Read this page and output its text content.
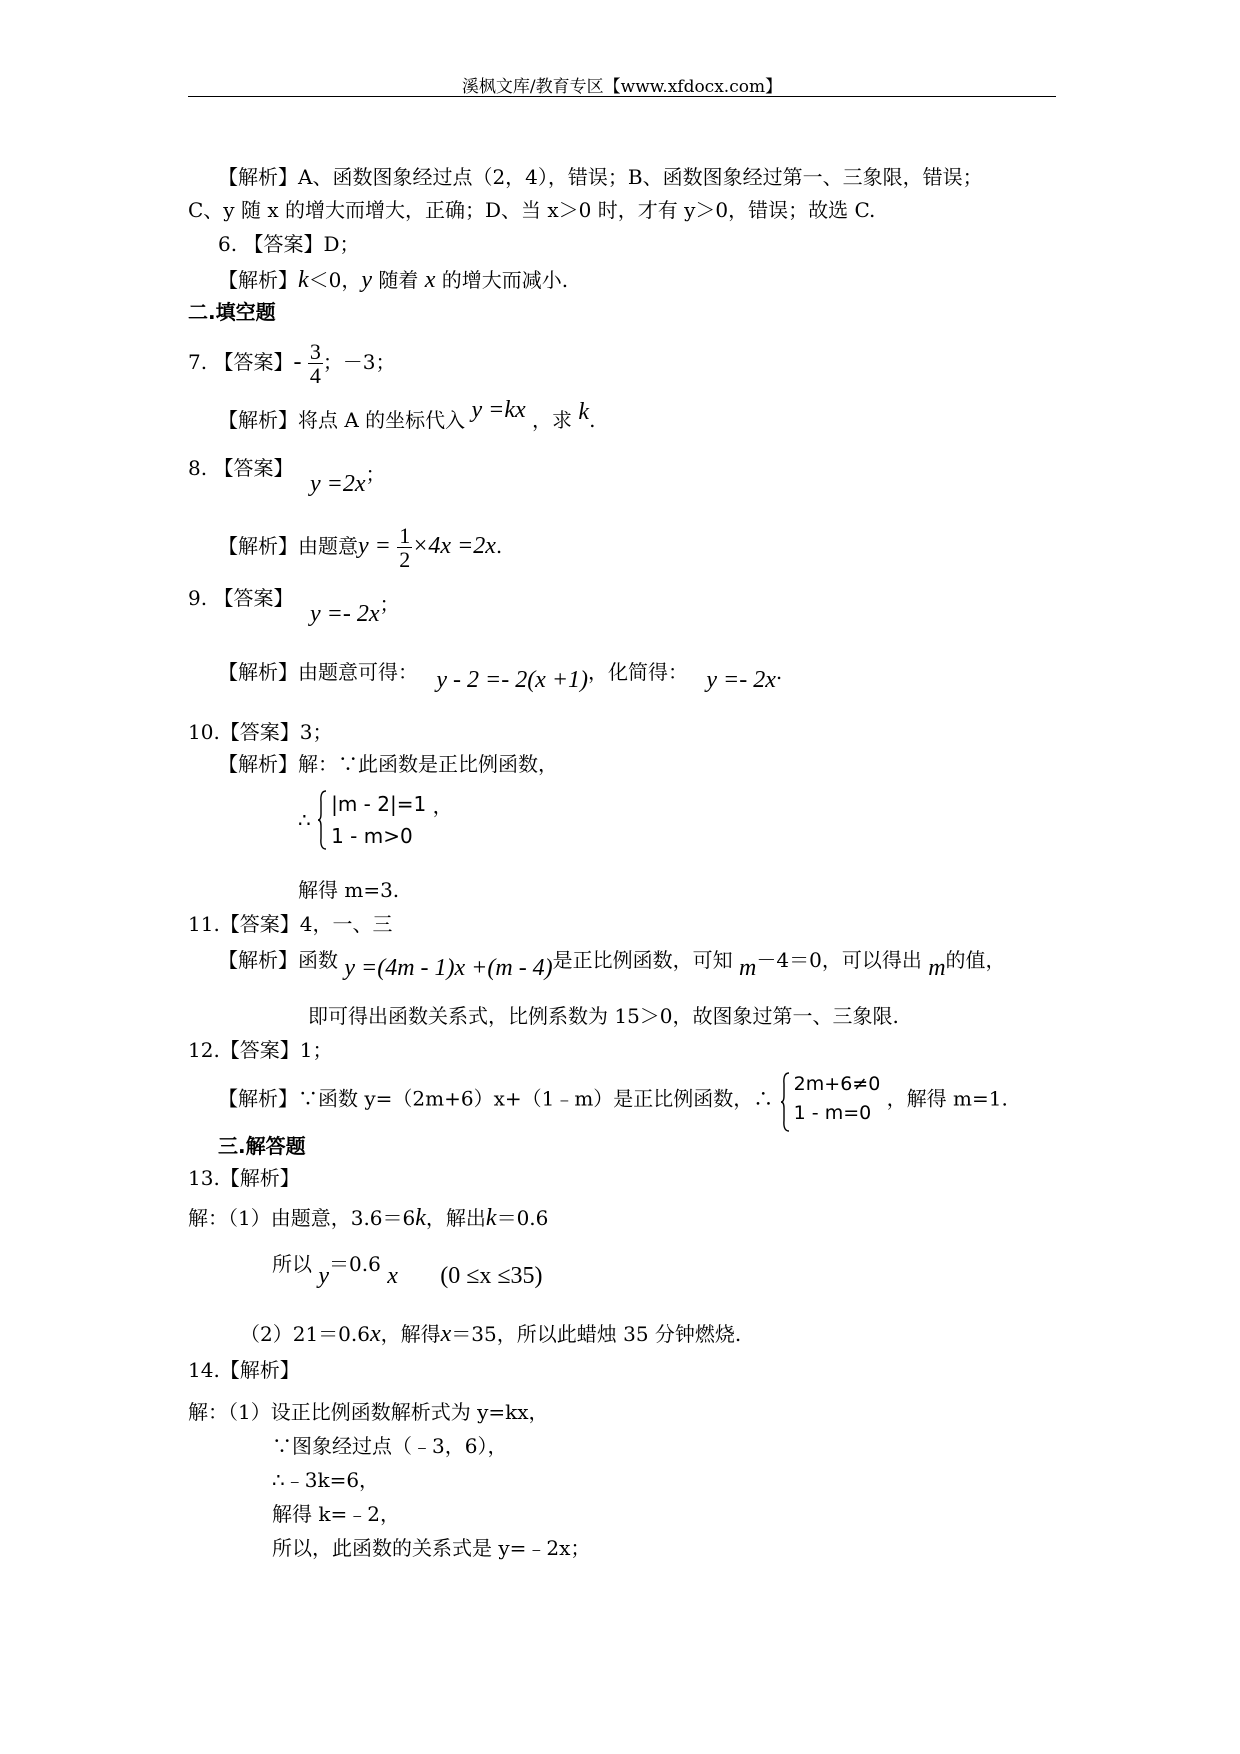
溪枫文库/教育专区【www.xfdocx.com】
【解析】A、函数图象经过点（2，4），错误；B、函数图象经过第一、三象限，错误；
C、y 随 x 的增大而增大，正确；D、当 x＞0 时，才有 y＞0，错误；故选 C.
6. 【答案】D；
【解析】k＜0，y 随着 x 的增大而减小.
二.填空题
7. 【答案】- $\frac{3}{4}$ ；－3；
【解析】将点 A 的坐标代入 y =kx ，求 k.
8. 【答案】
y =2x；
【解析】由题意$y = \frac{1}{2} \times 4x =2x$.
9. 【答案】
y =- 2x；
【解析】由题意可得： y - 2 =- 2(x +1)，化简得： y =- 2x.
10.【答案】3；
【解析】解：∵此函数是正比例函数，
∴
|m - 2|=1
1 - m>0
，
解得 m=3.
11.【答案】4，一、三
【解析】函数 y =(4m - 1)x +(m - 4)是正比例函数，可知 m－4＝0，可以得出 m的值，
即可得出函数关系式，比例系数为 15＞0，故图象过第一、三象限.
12.【答案】1；
【解析】∵函数 y=（2m+6）x+（1﹣m）是正比例函数，∴
2m+6≠0
1 - m=0
，解得 m=1.
三.解答题
13.【解析】
解：（1）由题意，3.6＝6k，解出k＝0.6
所以 y＝0.6 x (0 ≤x ≤35)
（2）21＝0.6x，解得x＝35，所以此蜡烛 35 分钟燃烧.
14.【解析】
解：（1）设正比例函数解析式为 y=kx，
∵图象经过点（﹣3，6），
∴﹣3k=6，
解得 k=﹣2，
所以，此函数的关系式是 y=﹣2x；
